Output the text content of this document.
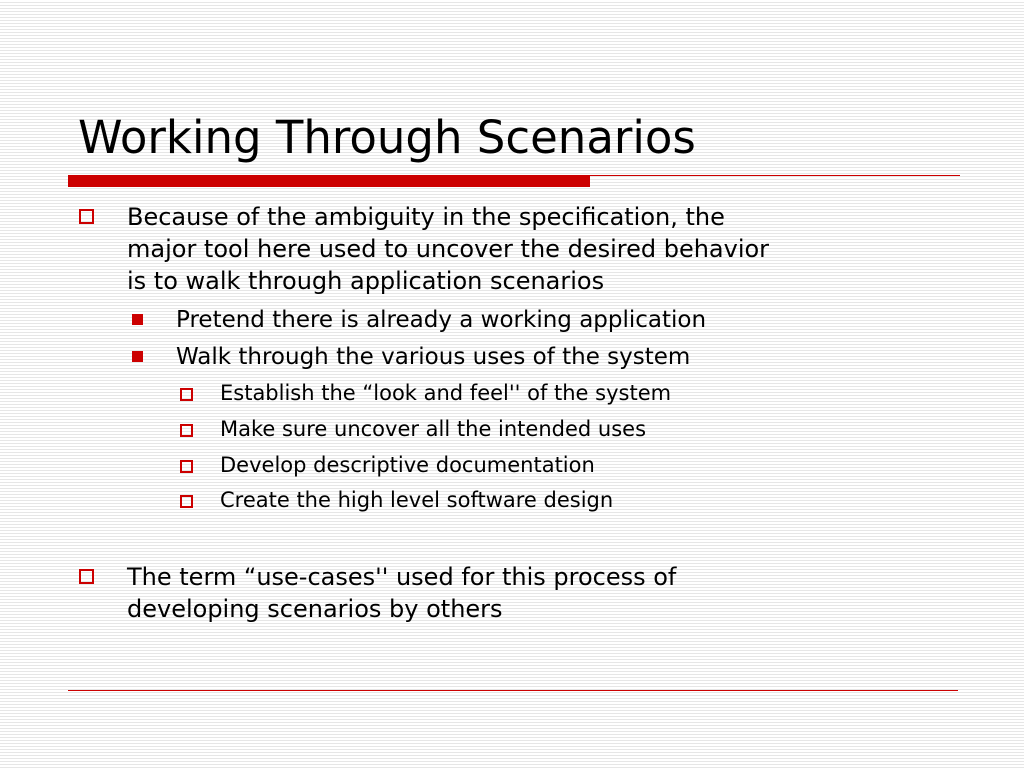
Working Through Scenarios
Because of the ambiguity in the specification, the
major tool here used to uncover the desired behavior
is to walk through application scenarios
Pretend there is already a working application
Walk through the various uses of the system
Establish the “look and feel'' of the system
Make sure uncover all the intended uses
Develop descriptive documentation
Create the high level software design
The term “use-cases'' used for this process of
developing scenarios by others
